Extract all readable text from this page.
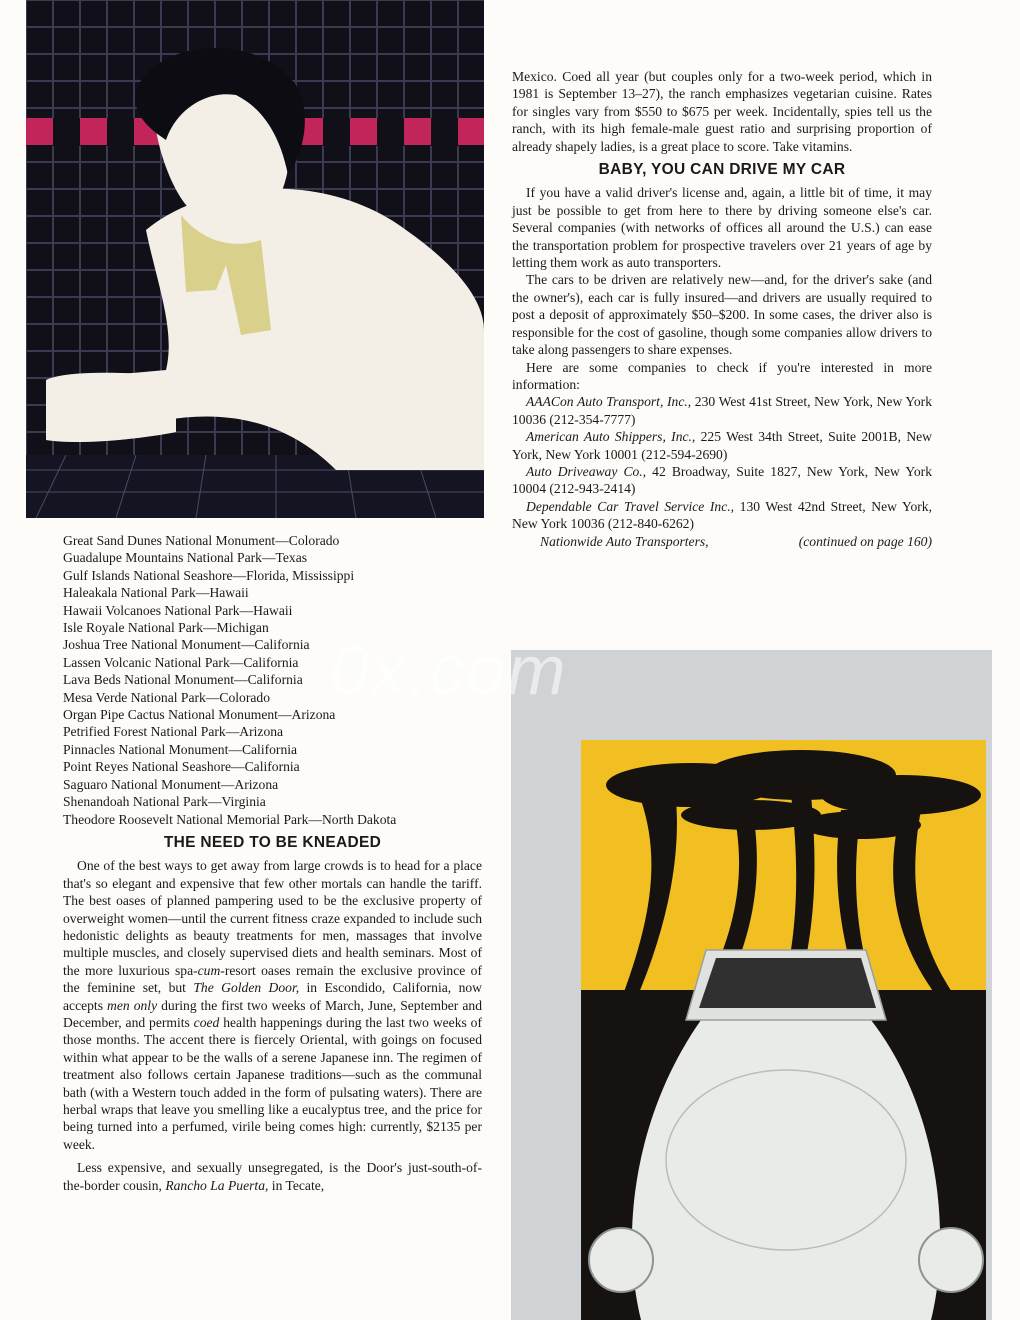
Great Sand Dunes National Monument—Colorado
Guadalupe Mountains National Park—Texas
Gulf Islands National Seashore—Florida, Mississippi
Haleakala National Park—Hawaii
Hawaii Volcanoes National Park—Hawaii
Isle Royale National Park—Michigan
Joshua Tree National Monument—California
Lassen Volcanic National Park—California
Lava Beds National Monument—California
Mesa Verde National Park—Colorado
Organ Pipe Cactus National Monument—Arizona
Petrified Forest National Park—Arizona
Pinnacles National Monument—California
Point Reyes National Seashore—California
Saguaro National Monument—Arizona
Shenandoah National Park—Virginia
Theodore Roosevelt National Memorial Park—North Dakota
THE NEED TO BE KNEADED

One of the best ways to get away from large crowds is to head for a place that's so elegant and expensive that few other mortals can handle the tariff. The best oases of planned pampering used to be the exclusive property of overweight women—until the current fitness craze expanded to include such hedonistic delights as beauty treatments for men, massages that involve multiple muscles, and closely supervised diets and health seminars. Most of the more luxurious spa-cum-resort oases remain the exclusive province of the feminine set, but The Golden Door, in Escondido, California, now accepts men only during the first two weeks of March, June, September and December, and permits coed health happenings during the last two weeks of those months. The accent there is fiercely Oriental, with goings on focused within what appear to be the walls of a serene Japanese inn. The regimen of treatment also follows certain Japanese traditions—such as the communal bath (with a Western touch added in the form of pulsating waters). There are herbal wraps that leave you smelling like a eucalyptus tree, and the price for being turned into a perfumed, virile being comes high: currently, $2135 per week.

Less expensive, and sexually unsegregated, is the Door's just-south-of-the-border cousin, Rancho La Puerta, in Tecate,

Mexico. Coed all year (but couples only for a two-week period, which in 1981 is September 13–27), the ranch emphasizes vegetarian cuisine. Rates for singles vary from $550 to $675 per week. Incidentally, spies tell us the ranch, with its high female-male guest ratio and surprising proportion of already shapely ladies, is a great place to score. Take vitamins.

BABY, YOU CAN DRIVE MY CAR

If you have a valid driver's license and, again, a little bit of time, it may just be possible to get from here to there by driving someone else's car. Several companies (with networks of offices all around the U.S.) can ease the transportation problem for prospective travelers over 21 years of age by letting them work as auto transporters.

The cars to be driven are relatively new—and, for the driver's sake (and the owner's), each car is fully insured—and drivers are usually required to post a deposit of approximately $50–$200. In some cases, the driver also is responsible for the cost of gasoline, though some companies allow drivers to take along passengers to share expenses.

Here are some companies to check if you're interested in more information:

AAACon Auto Transport, Inc., 230 West 41st Street, New York, New York 10036 (212-354-7777)

American Auto Shippers, Inc., 225 West 34th Street, Suite 2001B, New York, New York 10001 (212-594-2690)

Auto Driveaway Co., 42 Broadway, Suite 1827, New York, New York 10004 (212-943-2414)

Dependable Car Travel Service Inc., 130 West 42nd Street, New York, New York 10036 (212-840-6262)

Nationwide Auto Transporters,	(continued on page 160)

0x.com
